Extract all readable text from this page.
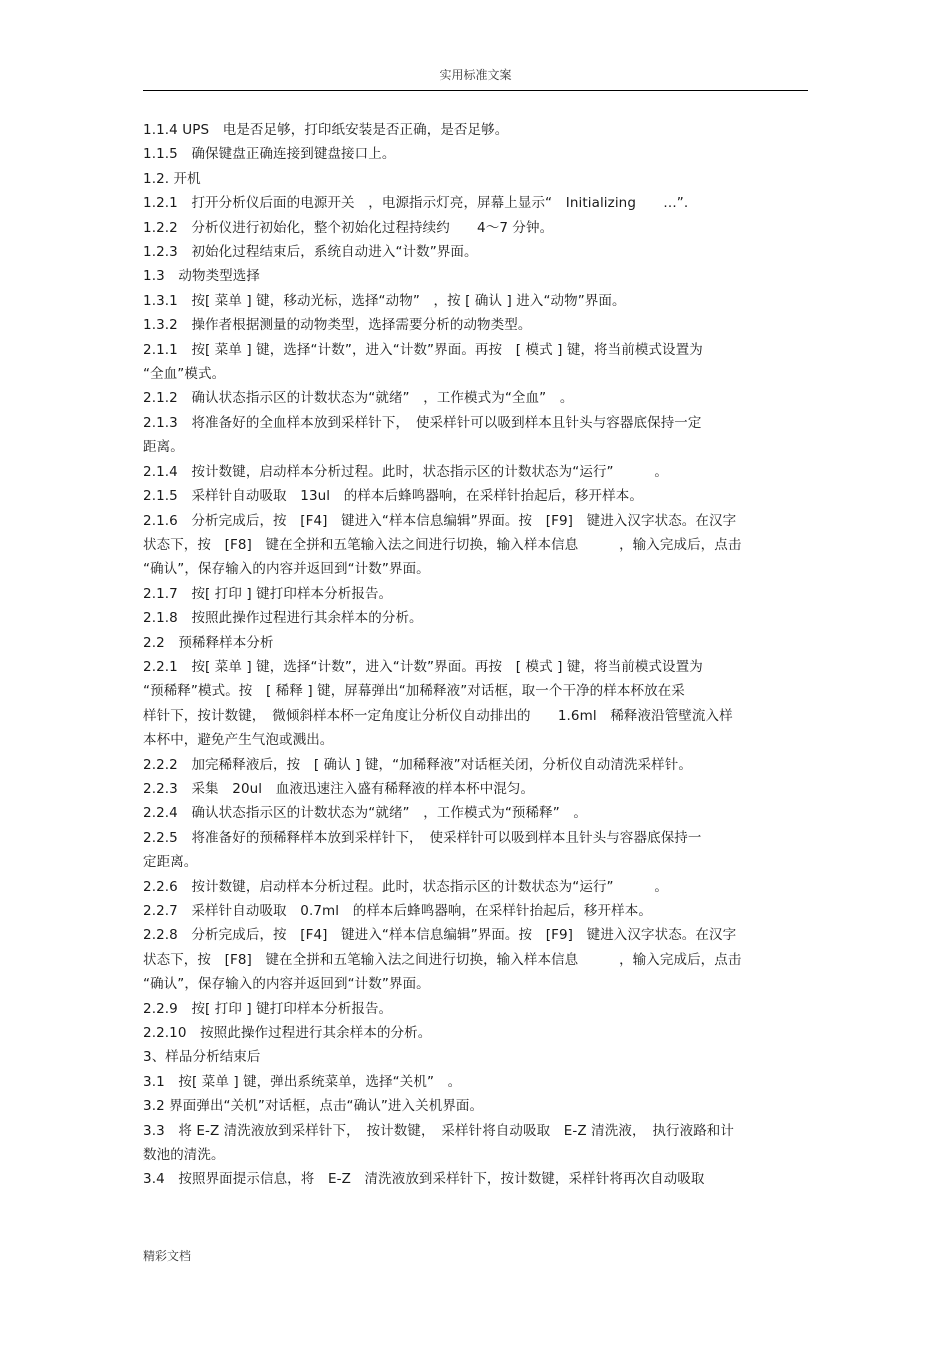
实用标准文案

1.1.4 UPS　电是否足够，打印纸安装是否正确，是否足够。

1.1.5　确保键盘正确连接到键盘接口上。

1.2. 开机

1.2.1　打开分析仪后面的电源开关　，电源指示灯亮，屏幕上显示“　Initializing　　…”.

1.2.2　分析仪进行初始化，整个初始化过程持续约　　4～7 分钟。

1.2.3　初始化过程结束后，系统自动进入“计数”界面。

1.3　动物类型选择

1.3.1　按[ 菜单 ] 键，移动光标，选择“动物”　，按 [ 确认 ] 进入“动物”界面。

1.3.2　操作者根据测量的动物类型，选择需要分析的动物类型。

2.1.1　按[ 菜单 ] 键，选择“计数”，进入“计数”界面。再按　[ 模式 ] 键，将当前模式设置为

“全血”模式。

2.1.2　确认状态指示区的计数状态为“就绪”　，工作模式为“全血”　。

2.1.3　将准备好的全血样本放到采样针下，　使采样针可以吸到样本且针头与容器底保持一定

距离。

2.1.4　按计数键，启动样本分析过程。此时，状态指示区的计数状态为“运行”　　　。

2.1.5　采样针自动吸取　13ul　的样本后蜂鸣器响，在采样针抬起后，移开样本。

2.1.6　分析完成后，按　[F4]　键进入“样本信息编辑”界面。按　[F9]　键进入汉字状态。在汉字

状态下，按　[F8]　键在全拼和五笔输入法之间进行切换，输入样本信息　　　，输入完成后，点击

“确认”，保存输入的内容并返回到“计数”界面。

2.1.7　按[ 打印 ] 键打印样本分析报告。

2.1.8　按照此操作过程进行其余样本的分析。

2.2　预稀释样本分析

2.2.1　按[ 菜单 ] 键，选择“计数”，进入“计数”界面。再按　[ 模式 ] 键，将当前模式设置为

“预稀释”模式。按　[ 稀释 ] 键，屏幕弹出“加稀释液”对话框，取一个干净的样本杯放在采

样针下，按计数键，　微倾斜样本杯一定角度让分析仪自动排出的　　1.6ml　稀释液沿管壁流入样

本杯中，避免产生气泡或溅出。

2.2.2　加完稀释液后，按　[ 确认 ] 键，“加稀释液”对话框关闭，分析仪自动清洗采样针。

2.2.3　采集　20ul　血液迅速注入盛有稀释液的样本杯中混匀。

2.2.4　确认状态指示区的计数状态为“就绪”　，工作模式为“预稀释”　。

2.2.5　将准备好的预稀释样本放到采样针下，　使采样针可以吸到样本且针头与容器底保持一

定距离。

2.2.6　按计数键，启动样本分析过程。此时，状态指示区的计数状态为“运行”　　　。

2.2.7　采样针自动吸取　0.7ml　的样本后蜂鸣器响，在采样针抬起后，移开样本。

2.2.8　分析完成后，按　[F4]　键进入“样本信息编辑”界面。按　[F9]　键进入汉字状态。在汉字

状态下，按　[F8]　键在全拼和五笔输入法之间进行切换，输入样本信息　　　，输入完成后，点击

“确认”，保存输入的内容并返回到“计数”界面。

2.2.9　按[ 打印 ] 键打印样本分析报告。

2.2.10　按照此操作过程进行其余样本的分析。

3、样品分析结束后

3.1　按[ 菜单 ] 键，弹出系统菜单，选择“关机”　。

3.2 界面弹出“关机”对话框，点击“确认”进入关机界面。

3.3　将 E-Z 清洗液放到采样针下，　按计数键，　采样针将自动吸取　E-Z 清洗液，　执行液路和计

数池的清洗。

3.4　按照界面提示信息，将　E-Z　清洗液放到采样针下，按计数键，采样针将再次自动吸取

精彩文档
